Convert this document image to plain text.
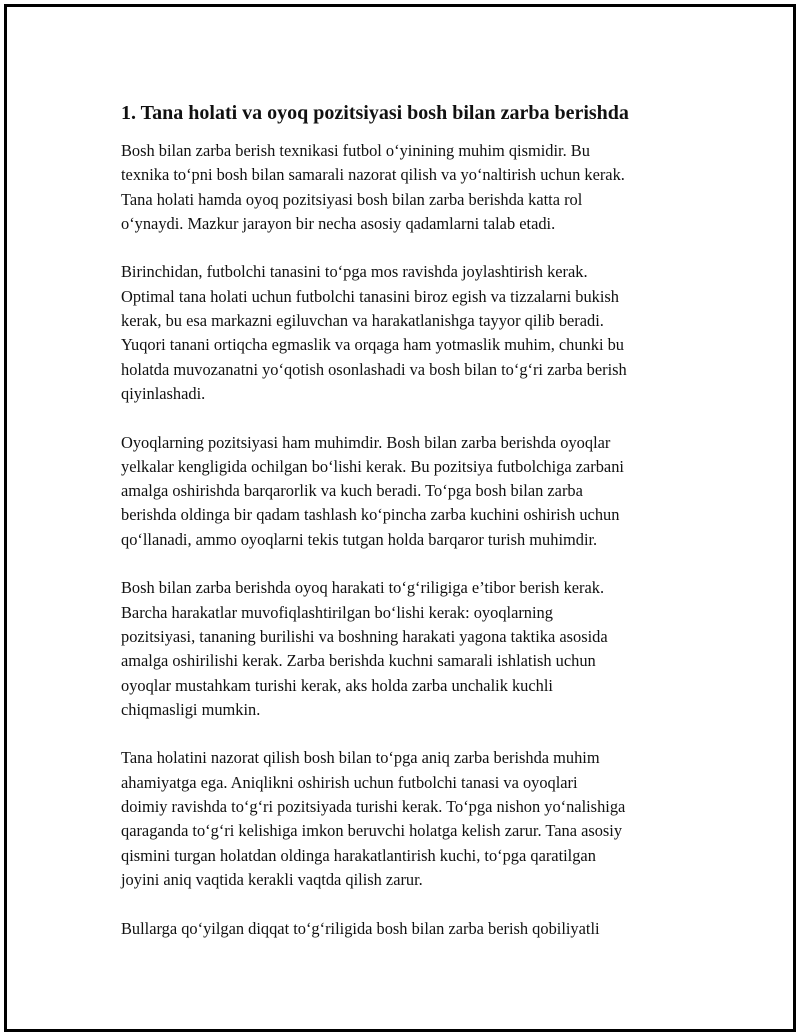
1. Tana holati va oyoq pozitsiyasi bosh bilan zarba berishda

Bosh bilan zarba berish texnikasi futbol o‘yinining muhim qismidir. Bu
texnika to‘pni bosh bilan samarali nazorat qilish va yo‘naltirish uchun kerak.
Tana holati hamda oyoq pozitsiyasi bosh bilan zarba berishda katta rol
o‘ynaydi. Mazkur jarayon bir necha asosiy qadamlarni talab etadi.

Birinchidan, futbolchi tanasini to‘pga mos ravishda joylashtirish kerak.
Optimal tana holati uchun futbolchi tanasini biroz egish va tizzalarni bukish
kerak, bu esa markazni egiluvchan va harakatlanishga tayyor qilib beradi.
Yuqori tanani ortiqcha egmaslik va orqaga ham yotmaslik muhim, chunki bu
holatda muvozanatni yo‘qotish osonlashadi va bosh bilan to‘g‘ri zarba berish
qiyinlashadi.

Oyoqlarning pozitsiyasi ham muhimdir. Bosh bilan zarba berishda oyoqlar
yelkalar kengligida ochilgan bo‘lishi kerak. Bu pozitsiya futbolchiga zarbani
amalga oshirishda barqarorlik va kuch beradi. To‘pga bosh bilan zarba
berishda oldinga bir qadam tashlash ko‘pincha zarba kuchini oshirish uchun
qo‘llanadi, ammo oyoqlarni tekis tutgan holda barqaror turish muhimdir.

Bosh bilan zarba berishda oyoq harakati to‘g‘riligiga e’tibor berish kerak.
Barcha harakatlar muvofiqlashtirilgan bo‘lishi kerak: oyoqlarning
pozitsiyasi, tananing burilishi va boshning harakati yagona taktika asosida
amalga oshirilishi kerak. Zarba berishda kuchni samarali ishlatish uchun
oyoqlar mustahkam turishi kerak, aks holda zarba unchalik kuchli
chiqmasligi mumkin.

Tana holatini nazorat qilish bosh bilan to‘pga aniq zarba berishda muhim
ahamiyatga ega. Aniqlikni oshirish uchun futbolchi tanasi va oyoqlari
doimiy ravishda to‘g‘ri pozitsiyada turishi kerak. To‘pga nishon yo‘nalishiga
qaraganda to‘g‘ri kelishiga imkon beruvchi holatga kelish zarur. Tana asosiy
qismini turgan holatdan oldinga harakatlantirish kuchi, to‘pga qaratilgan
joyini aniq vaqtida kerakli vaqtda qilish zarur.

Bullarga qo‘yilgan diqqat to‘g‘riligida bosh bilan zarba berish qobiliyatli
